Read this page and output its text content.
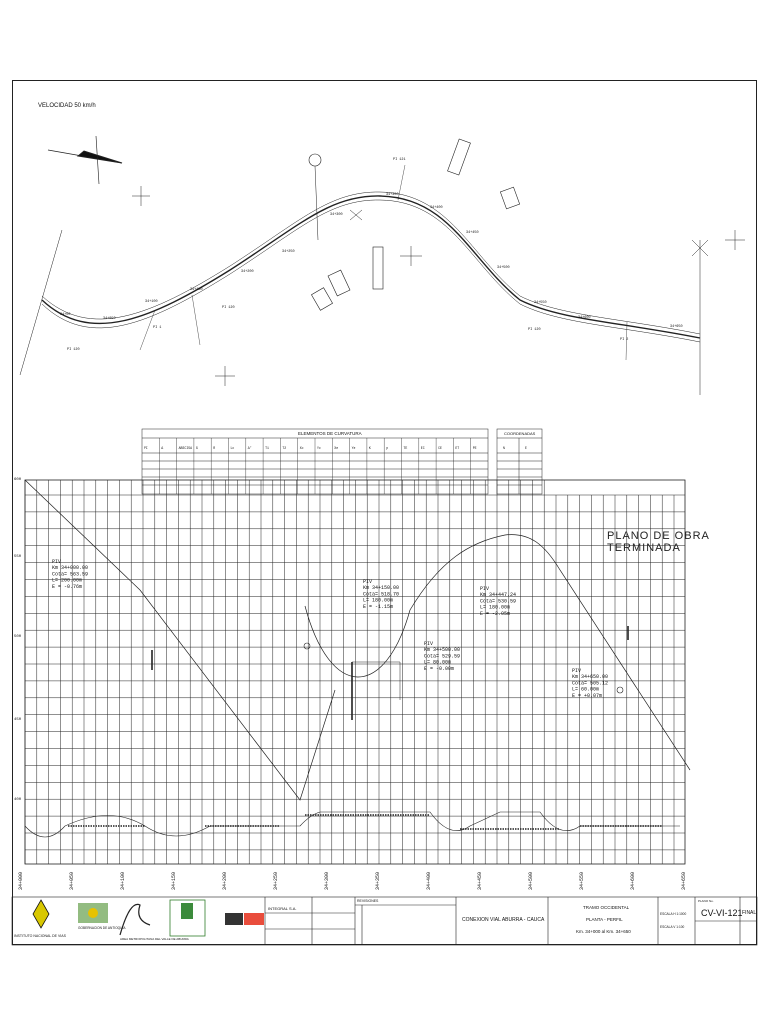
VELOCIDAD 50 km/h
PI 120
PI 120
PI 120
PI 121
PI 1
PI 2
34+00
34+050
34+100
34+150
34+200
34+250
34+300
34+350
34+400
34+450
34+500
34+550
34+600
34+650
PI	Δ	ABSCISA G	R	Lc	Δ°	T1	T2	Xc	Yc	Xe	Ye	K	p	TE	EC	CE	ET	PE	N	E
ELEMENTOS DE CURVATURA	COORDENADAS
PIV
Km 34+000.00
Cota= 563.59
L= 200.00m
E = -0.76m
PIV
Km 34+150.00
Cota= 518.70
L= 180.00m
E = -1.15m
PIV
Km 34+447.24
Cota= 530.59
L= 180.00m
E = -2.05m
PIV
Km 34+500.00
Cota= 529.59
L= 80.00m
E = -0.00m	PIV
Km 34+650.00
Cota= 505.12
L= 60.00m
E = +0.07m
34+000	34+050	34+100	34+150	34+200	34+250	34+300	34+350	34+400	34+450	34+500	34+550	34+600	34+650
600
550
500
450
400
PLANO DE OBRA TERMINADA
INSTITUTO NACIONAL DE VIAS
GOBERNACION DE ANTIOQUIA
AREA METROPOLITANA DEL VALLE DE ABURRA
INTEGRAL S.A.
REVISIONES
CONEXION VIAL ABURRA - CAUCA
TRAMO OCCIDENTAL
PLANTA - PERFIL
Km. 34+000 al Km. 34+650
ESCALA H 1:1000
ESCALA V 1:100
PLANO No.
CV-VI-121 FINAL
